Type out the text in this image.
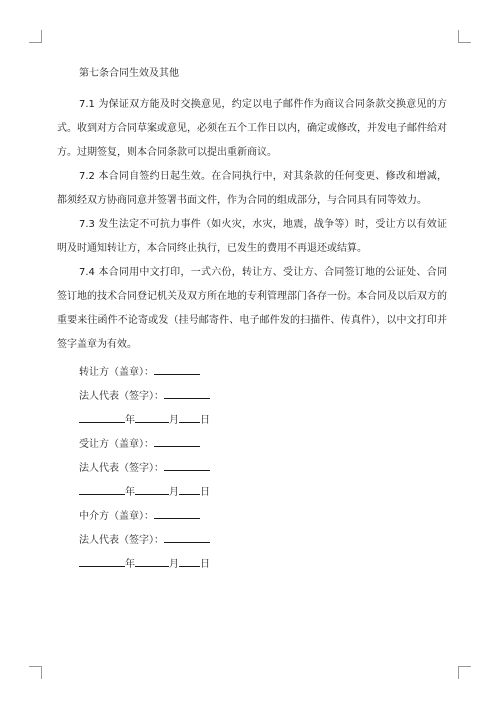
第七条合同生效及其他

7.1 为保证双方能及时交换意见，约定以电子邮件作为商议合同条款交换意见的方式。收到对方合同草案或意见，必须在五个工作日以内，确定或修改，并发电子邮件给对方。过期签复，则本合同条款可以提出重新商议。

7.2 本合同自签约日起生效。在合同执行中，对其条款的任何变更、修改和增减，都须经双方协商同意并签署书面文件，作为合同的组成部分，与合同具有同等效力。

7.3 发生法定不可抗力事件（如火灾，水灾，地震，战争等）时，受让方以有效证明及时通知转让方，本合同终止执行，已发生的费用不再退还或结算。

7.4 本合同用中文打印，一式六份，转让方、受让方、合同签订地的公证处、合同签订地的技术合同登记机关及双方所在地的专利管理部门各存一份。本合同及以后双方的重要来往函件不论寄或发（挂号邮寄件、电子邮件发的扫描件、传真件），以中文打印并签字盖章为有效。

转让方（盖章）：
法人代表（签字）：
年	月 日
受让方（盖章）：
法人代表（签字）：
年	月 日
中介方（盖章）：
法人代表（签字）：
年	月 日
